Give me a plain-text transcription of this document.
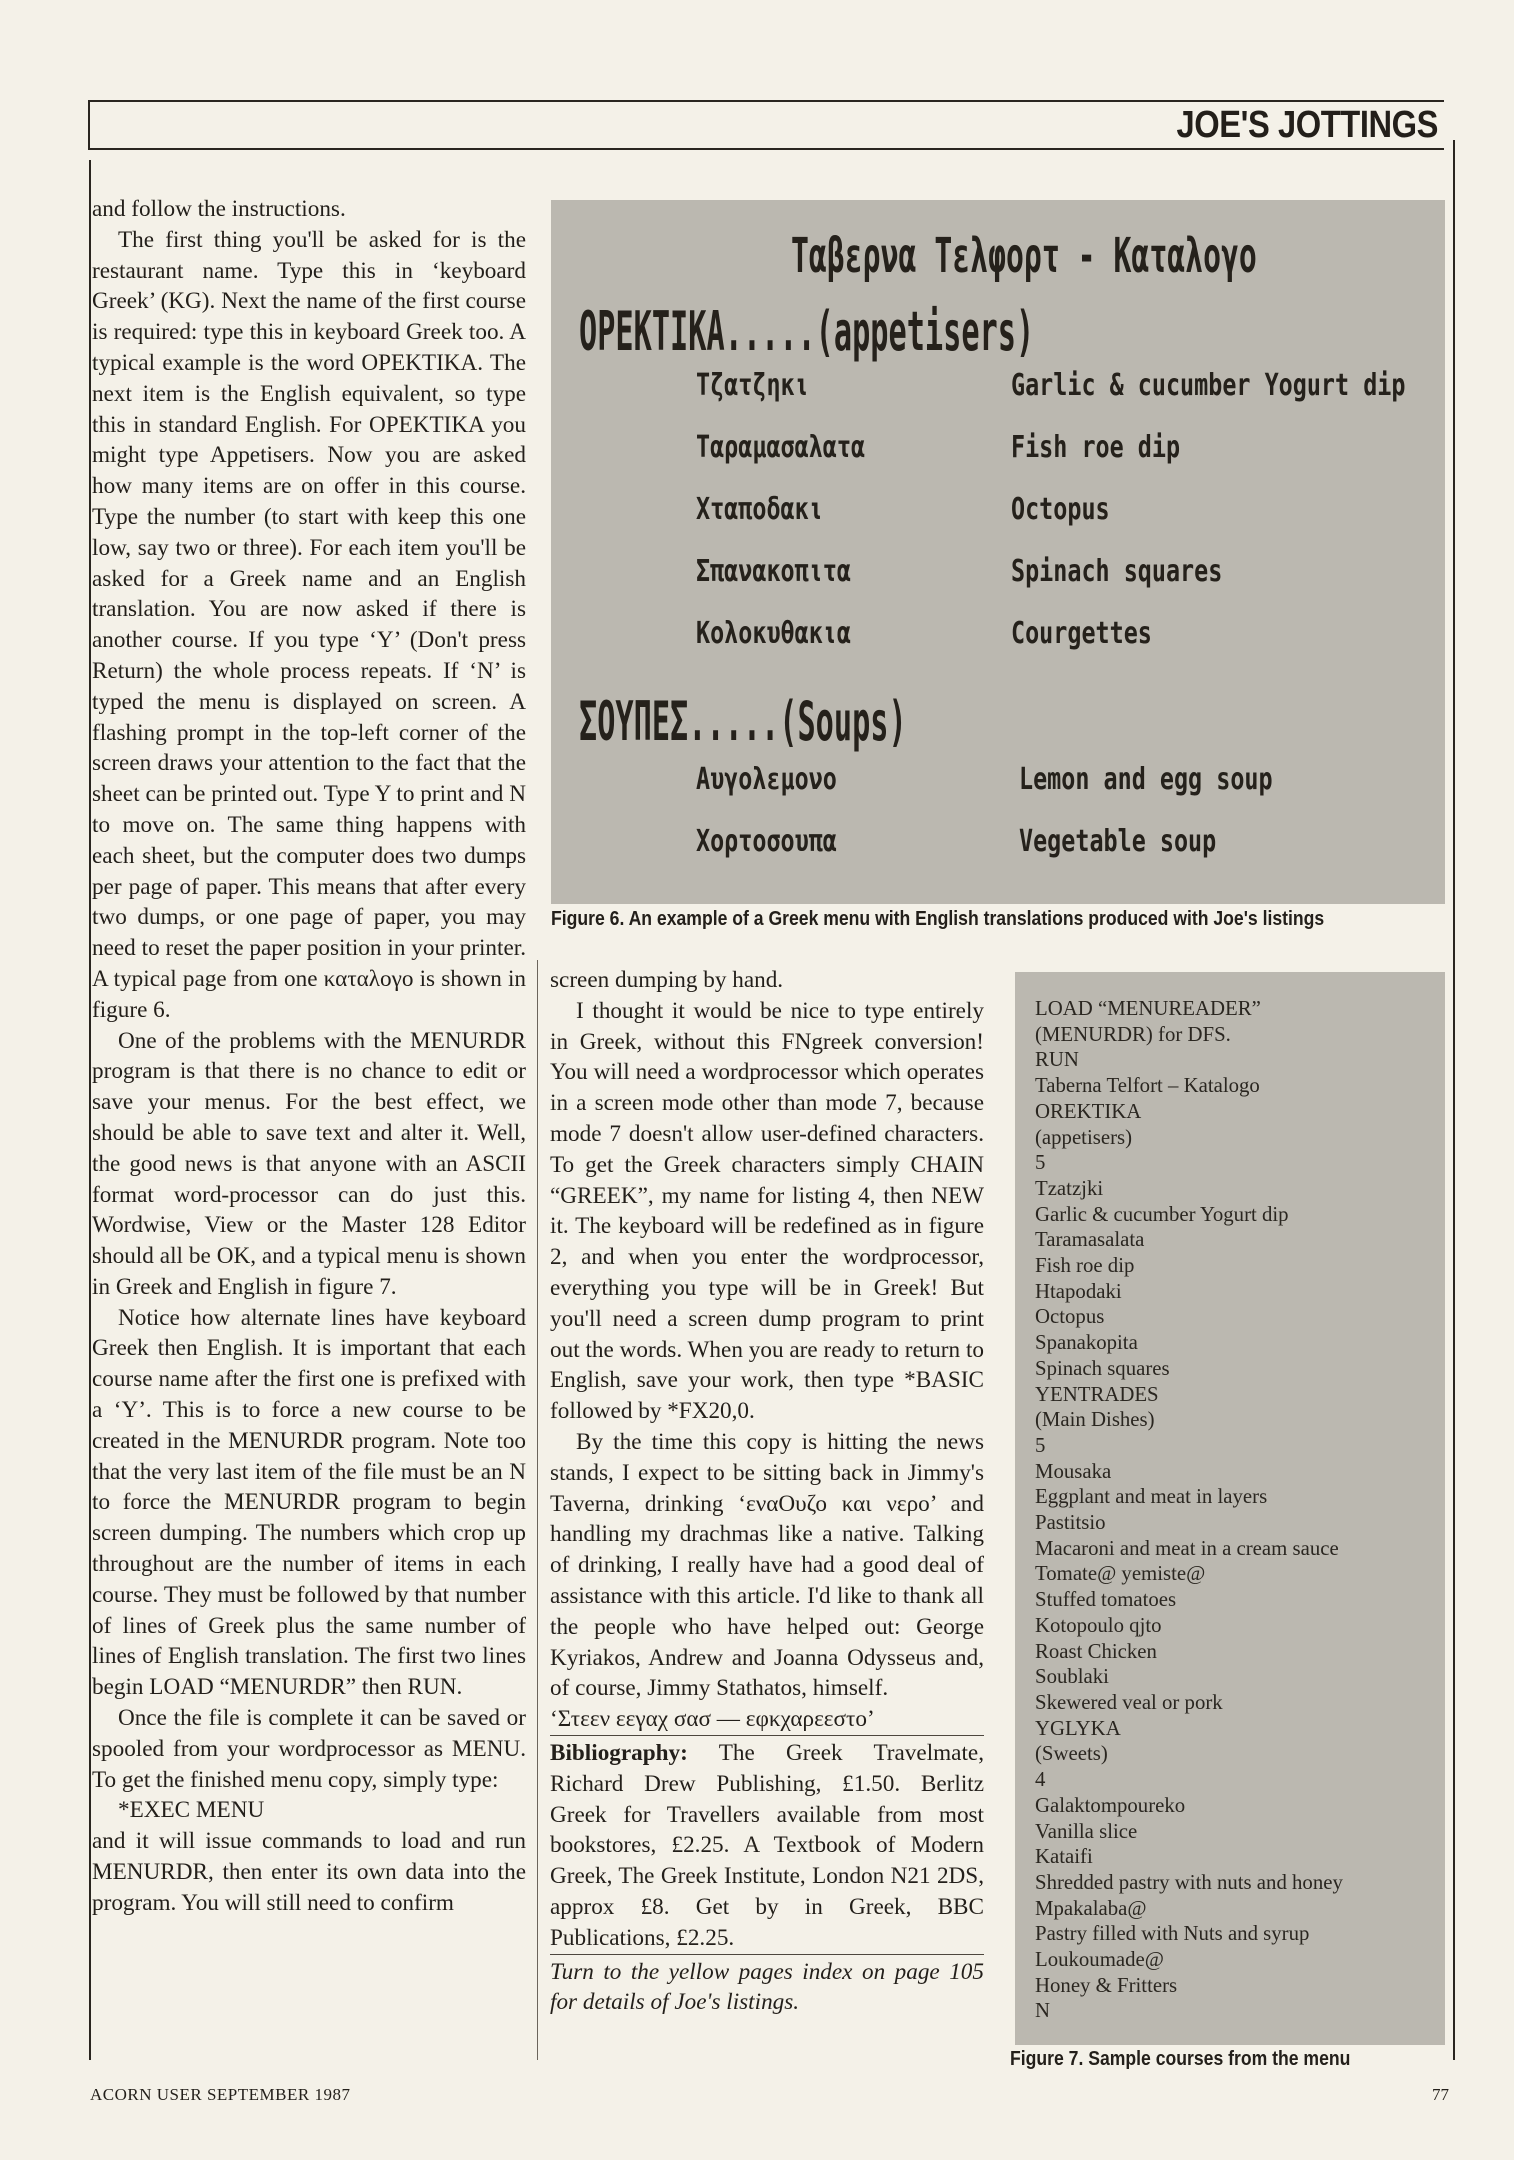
JOE'S JOTTINGS

and follow the instructions.

The first thing you'll be asked for is the restaurant name. Type this in ‘keyboard Greek’ (KG). Next the name of the first course is required: type this in keyboard Greek too. A typical example is the word OPEKTIKA. The next item is the English equivalent, so type this in standard English. For OPEKTIKA you might type Appetisers. Now you are asked how many items are on offer in this course. Type the number (to start with keep this one low, say two or three). For each item you'll be asked for a Greek name and an English translation. You are now asked if there is another course. If you type ‘Y’ (Don't press Return) the whole process repeats. If ‘N’ is typed the menu is displayed on screen. A flashing prompt in the top-left corner of the screen draws your attention to the fact that the sheet can be printed out. Type Y to print and N to move on. The same thing happens with each sheet, but the computer does two dumps per page of paper. This means that after every two dumps, or one page of paper, you may need to reset the paper position in your printer. A typical page from one καταλογο is shown in figure 6.

One of the problems with the MENURDR program is that there is no chance to edit or save your menus. For the best effect, we should be able to save text and alter it. Well, the good news is that anyone with an ASCII format word-processor can do just this. Wordwise, View or the Master 128 Editor should all be OK, and a typical menu is shown in Greek and English in figure 7.

Notice how alternate lines have keyboard Greek then English. It is important that each course name after the first one is prefixed with a ‘Y’. This is to force a new course to be created in the MENURDR program. Note too that the very last item of the file must be an N to force the MENURDR program to begin screen dumping. The numbers which crop up throughout are the number of items in each course. They must be followed by that number of lines of Greek plus the same number of lines of English translation. The first two lines begin LOAD “MENURDR” then RUN.

Once the file is complete it can be saved or spooled from your wordprocessor as MENU. To get the finished menu copy, simply type:

*EXEC MENU

and it will issue commands to load and run MENURDR, then enter its own data into the program. You will still need to confirm

Ταβερνα Τελφορτ - Καταλογο
ΟΡΕΚΤΙΚΑ.....(appetisers)
Τζατζηκι	Garlic & cucumber Yogurt dip
Ταραμασαλατα	Fish roe dip
Χταποδακι	Octopus
Σπανακοπιτα	Spinach squares
Κολοκυθακια	Courgettes
ΣΟΥΠΕΣ.....(Soups)
Αυγολεμονο	Lemon and egg soup
Χορτοσουπα	Vegetable soup
Figure 6. An example of a Greek menu with English translations produced with Joe's listings

screen dumping by hand.

I thought it would be nice to type entirely in Greek, without this FNgreek conversion! You will need a wordprocessor which operates in a screen mode other than mode 7, because mode 7 doesn't allow user-defined characters. To get the Greek characters simply CHAIN “GREEK”, my name for listing 4, then NEW it. The keyboard will be redefined as in figure 2, and when you enter the wordprocessor, everything you type will be in Greek! But you'll need a screen dump program to print out the words. When you are ready to return to English, save your work, then type *BASIC followed by *FX20,0.

By the time this copy is hitting the news stands, I expect to be sitting back in Jimmy's Taverna, drinking ‘εναOυζο και νερο’ and handling my drachmas like a native. Talking of drinking, I really have had a good deal of assistance with this article. I'd like to thank all the people who have helped out: George Kyriakos, Andrew and Joanna Odysseus and, of course, Jimmy Stathatos, himself.

‘Στεεν εεγαχ σασ — εφκχαρεεστο’

Bibliography: The Greek Travelmate, Richard Drew Publishing, £1.50. Berlitz Greek for Travellers available from most bookstores, £2.25. A Textbook of Modern Greek, The Greek Institute, London N21 2DS, approx £8. Get by in Greek, BBC Publications, £2.25.

Turn to the yellow pages index on page 105 for details of Joe's listings.

LOAD “MENUREADER”
(MENURDR) for DFS.
RUN
Taberna Telfort – Katalogo
OREKTIKA
(appetisers)
5
Tzatzjki
Garlic & cucumber Yogurt dip
Taramasalata
Fish roe dip
Htapodaki
Octopus
Spanakopita
Spinach squares
YENTRADES
(Main Dishes)
5
Mousaka
Eggplant and meat in layers
Pastitsio
Macaroni and meat in a cream sauce
Tomate@ yemiste@
Stuffed tomatoes
Kotopoulo qjto
Roast Chicken
Soublaki
Skewered veal or pork
YGLYKA
(Sweets)
4
Galaktompoureko
Vanilla slice
Kataifi
Shredded pastry with nuts and honey
Mpakalaba@
Pastry filled with Nuts and syrup
Loukoumade@
Honey & Fritters
N
Figure 7. Sample courses from the menu
ACORN USER SEPTEMBER 1987	77
